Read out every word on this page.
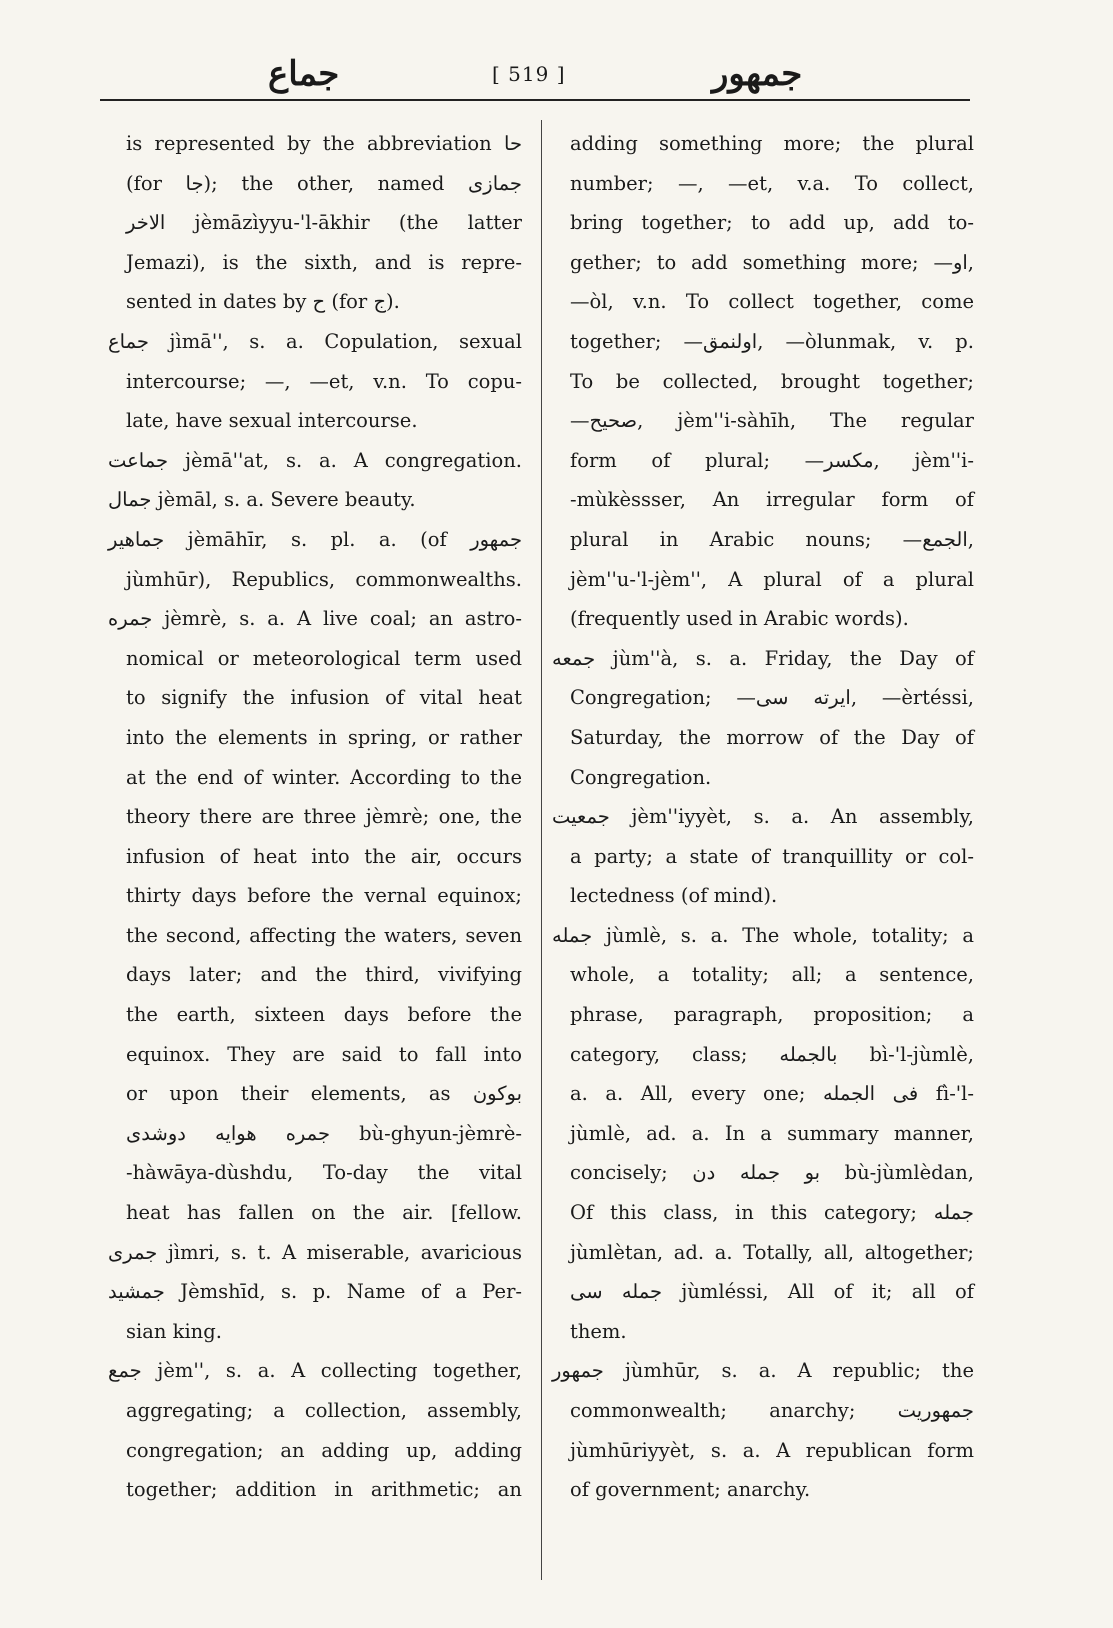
جماع	[ 519 ]	جمهور
is represented by the abbreviation حا
(for جا); the other, named جمازی
الاخر jèmāzìyyu-'l-ākhir (the latter
Jemazi), is the sixth, and is repre-
sented in dates by ح (for ج).
جماع jìmā'', s. a. Copulation, sexual
intercourse; —, —et, v.n. To copu-
late, have sexual intercourse.
جماعت jèmā''at, s. a. A congregation.
جمال jèmāl, s. a. Severe beauty.
جماهیر jèmāhīr, s. pl. a. (of جمهور
jùmhūr), Republics, commonwealths.
جمره jèmrè, s. a. A live coal; an astro-
nomical or meteorological term used
to signify the infusion of vital heat
into the elements in spring, or rather
at the end of winter. According to the
theory there are three jèmrè; one, the
infusion of heat into the air, occurs
thirty days before the vernal equinox;
the second, affecting the waters, seven
days later; and the third, vivifying
the earth, sixteen days before the
equinox. They are said to fall into
or upon their elements, as بوکون
جمره هوایه دوشدی bù-ghyun-jèmrè-
-hàwāya-dùshdu, To-day the vital
heat has fallen on the air. [fellow.
جمری jìmri, s. t. A miserable, avaricious
جمشید Jèmshīd, s. p. Name of a Per-
sian king.
جمع jèm'', s. a. A collecting together,
aggregating; a collection, assembly,
congregation; an adding up, adding
together; addition in arithmetic; an
adding something more; the plural
number; —, —et, v.a. To collect,
bring together; to add up, add to-
gether; to add something more; —او,
—òl, v.n. To collect together, come
together; —اولنمق, —òlunmak, v. p.
To be collected, brought together;
—صحیح, jèm''i-sàhīh, The regular
form of plural; —مکسر, jèm''i-
-mùkèssser, An irregular form of
plural in Arabic nouns; —الجمع,
jèm''u-'l-jèm'', A plural of a plural
(frequently used in Arabic words).
جمعه jùm''à, s. a. Friday, the Day of
Congregation; —ایرته سی, —èrtéssi,
Saturday, the morrow of the Day of
Congregation.
جمعیت jèm''iyyèt, s. a. An assembly,
a party; a state of tranquillity or col-
lectedness (of mind).
جمله jùmlè, s. a. The whole, totality; a
whole, a totality; all; a sentence,
phrase, paragraph, proposition; a
category, class; بالجمله bì-'l-jùmlè,
a. a. All, every one; فی الجمله fì-'l-
jùmlè, ad. a. In a summary manner,
concisely; بو جمله دن bù-jùmlèdan,
Of this class, in this category; جمله
jùmlètan, ad. a. Totally, all, altogether;
جمله سی jùmléssi, All of it; all of
them.
جمهور jùmhūr, s. a. A republic; the
commonwealth; anarchy; جمهوریت
jùmhūriyyèt, s. a. A republican form
of government; anarchy.
